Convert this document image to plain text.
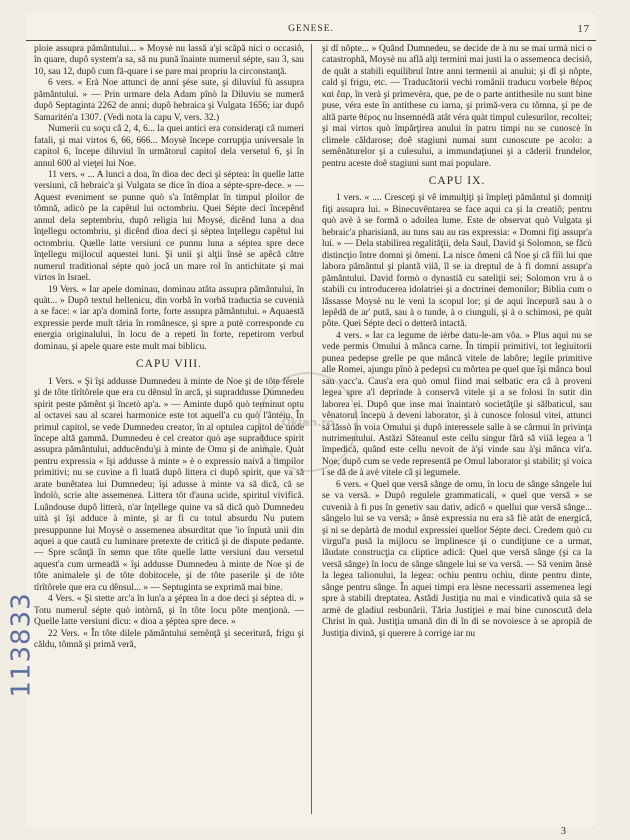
GENESE.	17

ploie assupra pământului... » Moysè nu lassă a'şi scăpă nici o occasiô, în quare, dupô system'a sa, să nu pună înainte numerul sépte, sau 3, sau 10, sau 12, dupô cum fă-quare i se pare mai propriu la circonstanţă.

6 vers. « Erà Noe attunci de anni şése sute, şi diluviul fù assupra pământului. » — Prin urmare dela Adam pînò la Diluviu se numeră dupô Septaginta 2262 de anni; dupô hebraica şi Vulgata 1656; iar dupô Samaritén'a 1307. (Vedi nota la capu V, vers. 32.)

Numerii cu soçu câ 2, 4, 6... la quei antici era consideraţi câ numeri fatali, şi mai virtos 6, 66, 666... Moysè începe corrupţia universale în capitol 6, începe diluviul în următorul capitol dela versetul 6, şi în annul 600 al vieţei lui Noe.

11 vers. « ... A lunci a doa, în dioa dec deci şi séptea: în quelle latte versiuni, câ hebraic'a şi Vulgata se dice în dioa a sépte-spre-dece. » — Aquest eveniment se punne quò s'a întêmplat în timpul ploilor de tômnă, adicò pe la capêtul lui octombriu. Quei Sépte deci începênd annul dela septembriu, dupô religia lui Moysé, dicênd luna a doa înţellegu octombriu, şi dicênd dioa deci şi séptea înţellegu capêtul lui octombriu. Quelle latte versiuni ce punnu luna a séptea spre dece înţellegu mijlocul aquestei luni. Şi unii şi alţii însè se apêcă câtre numerul traditional sépte quò jocă un mare rol în antichitate şi mai virtos în Israel.

19 Vers. « Iar apele dominau, dominau atâta assupra pământului, în quàt... » Dupô textul hellenicu, din vorbă în vorbă traductia se cuvenià a se face: « iar ap'a domină forte, forte assupra pământului. » Aquaestă expressie perde mult tăria în românesce, şi spre a putè corresponde cu energia originalului, în locu de a repeti în forte, repetirom verbul dominau, şi apele quare este mult mai biblicu.

CAPU VIII.

1 Vers. « Şi îşi addusse Dumnedeu à minte de Noe şi de tôte férele şi de tôte tîrîtôrele que era cu dênsul în arcă, şi supraddusse Dumnedeu spirit peste pămênt şi încetò ap'a. » — Aminte dupô quò terminut optu al octavei sau al scarei harmonice este tot aquell'a cu quò l'ântéiu. În primul capitol, se vede Dumnedeu creator, în al optulea capitol de unde începe altă gammă. Dumnedeu è cel creator quò aşe supradduce spirit assupra pământului, adducêndu'şi à minte de Omu şi de animale. Quàt pentru expressia « îşi addusse à minte » è o expressio naivă a timpilor primitivi; nu se cuvine a fi luată dupô littera ci dupô spirit, que va să arate bunêtatea lui Dumnedeu; îşi adusse à minte va să dică, că se îndolò, scrie alte assemenea. Littera tôt d'auna ucide, spiritul vivifică. Luândouse dupô litterà, n'ar înţellege quine va să dică quò Dumnedeu uità şi îşi adduce à minte, şi ar fi cu totul absurdu Nu putem presuppunne lui Moysè o assemenea absurditat que 'io înputà unii din aquei a que caută cu luminare pretexte de critică şi de dispute pedante. — Spre scânţă în semn que tôte quelle latte versiuni dau versetul aquest'a cum urmeadă « îşi addusse Dumnedeu à minte de Noe şi de tôte animalele şi de tôte dobitocele, şi de tôte paserile şi de tôte tîrîtôrele que era cu dênsul... » — Septuginta se exprimă mai bine.

4 Vers. « Şi stette arc'a în lun'a a şéptea în a doe deci şi séptea di. » Totu numerul sépte quò intòrnă, şi în tôte locu pôte menţionà. — Quelle latte versiuni dicu: « dioa a şéptea spre dece. »

22 Vers. « În tôte dilele pământului semênţă şi seceritură, frigu şi căldu, tômnă şi primă veră,

şi dî nôpte... » Quând Dumnedeu, se decide de à nu se mai urmà nici o catastrophă, Moysè nu află alţi termini mai justi la o assemenca decisiô, de quât a stabili equilibrul între anni termenii ai anului; şi dî şi nôpte, cald şi frigu, etc. — Traducătorii vechi românii traducu vorbele θέρος καὶ ἔαρ, în verà şi primevèra, que, pe de o parte antithesile nu sunt bine puse, véra este în antithese cu iarna, şi primă-vera cu tômna, şi pe de altă parte θέρος nu însemnédă atât véra quàt timpul culesurilor, recoltei; şi mai virtos quò împărţirea anului în patru timpi nu se cunoscè în climele căldarose; doê stagiuni numai sunt cunoscute pe acolo: a semênăturelor şi a culesului, a immundaţiunei şi a căderii frundelor, pentru aceste doê stagiuni sunt mai populare.

CAPU IX.

1 vers. « .... Cresceţi şi vê immulţiţi şi împleţi pământul şi domniţi fiţi assupra lui. » Binecuvêntarea se face aquì ca şi la creatiô; pentru quò avè à se formă o adoilea lume. Este de observat quò Vulgata şi hebraic'a pharisiană, au tuns sau au ras expressia: « Domni fiţi assupr'a lui. » — Dela stabilirea regalităţii, dela Saul, David şi Solomon, se făcù distincţio între domni şi ômeni. La nisce ômeni câ Noe şi câ fiîi lui que labora pământul şi plantă viiă, îl se ia dreptul de à fi domni assupr'a pământului. David formò o dynastiă cu sateliţii sei; Solomon vru à o stabili cu introducerea idolatriei şi a doctrinei demonilor; Biblia cum o lăssasse Moysè nu le venì la scopul lor; şi de aquì începură sau à o lepêdă de ar' pută, sau à o tunde, à o ciunguli, şi à o schimosi, pe quàt pôte. Quei Sépte deci o detteră intactă.

4 vers. « Iar ca legume de iérbe datu-le-am vôa. » Plus aquì nu se vede permis Omului à mânca carne. În timpii primitivi, tot legiuitorii punea pedepse grelle pe que mâncă vitele de labôre; legile primitive alle Romei, ajungu pînò à pedepsì cu môrtea pe quel que îşi mânca boul sau vacc'a. Caus'a era quò omul fiind mai selbatic era câ à proveni legea spre a'l deprinde à conservă vitele şi a se folosi în sutit din laborea ei. Dupô que inse mai înaintarò societăţile şi sălbaticul, sau vênatorul începù à deveni laborator, şi à cunosce folosul vitei, attunci sà lăssò în voia Omului şi dupô interessele salle à se cârmui în privinţa nutrimentului. Astăzi Săteanul este cellu singur fără să viiă legea a 'l împedică, quând este cellu nevoit de à'şi vinde sau à'şi mânca vit'a. Noe, dupô cum se vede representă pe Omul laborator şi stabilit; şi voica i se dă de à avè vitele câ şi legumele.

6 vers. « Quel que versă sânge de omu, în locu de sânge sângele lui se va versă. » Dupô regulele grammaticali, « quel que versă » se cuvenià à fi pus în genetiv sau dativ, adicô « quellui que versă sânge... sângelo lui se va versă; » ânsè expressia nu era să fiè atàt de energică, şi ni se depàrtà de modul expressiei quellor Sépte deci. Credem quò cu virgul'a pusă la mijlocu se împlinesce şi o cundiţiune ce a urmat, lăudate construcţia ca cliptice adică: Quel que versă sânge (şi ca la versă sânge) în locu de sânge sângele lui se va versă. — Să venim ânsè la legea talionului, la legea: ochiu pentru ochiu, dinte pentru dinte, sânge pentru sânge. În aquei timpi era lèsne necessarii assemenea legi spre à stabili dreptatea. Astădi Justiţia nu mai e vindicativă quia să se armè de gladiul resbunării. Tăria Justiţiei e mai bine cunoscută dela Christ în quà. Justiţia umană din di în di se novoiesce à se apropiă de Justiţia divină, şi querere à corrige iar nu

3
Okian.ro
113833
